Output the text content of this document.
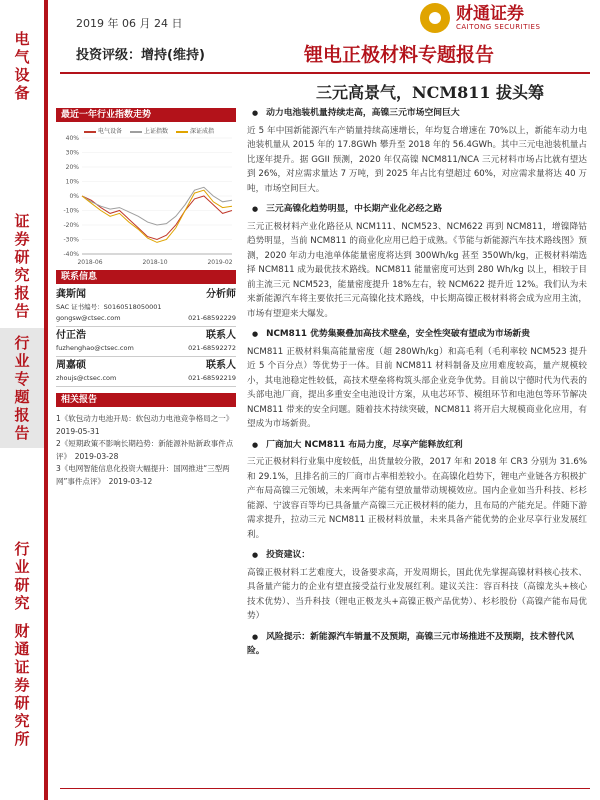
电
气
设
备
证
券
研
究
报
告
行
业
专
题
报
告
行
业
研
究
财
通
证
券
研
究
所
2019 年 06 月 24 日	财通证券
CAITONG SECURITIES
投资评级：增持(维持)	锂电正极材料专题报告
三元高景气，NCM811 拔头筹
最近一年行业指数走势
电气设备	上证指数	深证成指
40%
30%
20%
10%
0%
-10%
-20%
-30%
-40%
2018-06	2018-10	2019-02
联系信息
龚斯闻	分析师
SAC 证书编号：S0160518050001
gongsw@ctsec.com	021-68592229
付正浩	联系人
fuzhenghao@ctsec.com	021-68592272
周嘉硕	联系人
zhoujs@ctsec.com	021-68592219
相关报告

1《软包动力电池开局：软包动力电池竞争格局之一》　2019-05-31

2《短期政策不影响长期趋势：新能源补贴新政事件点评》　2019-03-28

3《电网智能信息化投资大幅提升：国网推进“三型两网”事件点评》　2019-03-12

● 动力电池装机量持续走高，高镍三元市场空间巨大
近 5 年中国新能源汽车产销量持续高速增长，年均复合增速在 70%以上，新能车动力电池装机量从 2015 年的 17.8GWh 攀升至 2018 年的 56.4GWh。其中三元电池装机量占比逐年提升。据 GGII 预测，2020 年仅高镍 NCM811/NCA 三元材料市场占比就有望达到 26%，对应需求量达 7 万吨，到 2025 年占比有望超过 60%，对应需求量将达 40 万吨，市场空间巨大。
● 三元高镍化趋势明显，中长期产业化必经之路
三元正极材料产业化路径从 NCM111、NCM523、NCM622 再到 NCM811，增镍降钴趋势明显，当前 NCM811 的商业化应用已趋于成熟。《节能与新能源汽车技术路线图》预测，2020 年动力电池单体能量密度将达到 300Wh/kg 甚至 350Wh/kg，正极材料端选择 NCM811 成为最优技术路线。NCM811 能量密度可达到 280 Wh/kg 以上，相较于目前主流三元 NCM523，能量密度提升 18%左右，较 NCM622 提升近 12%。我们认为未来新能源汽车将主要依托三元高镍化技术路线，中长期高镍正极材料将会成为应用主流，市场有望迎来大爆发。
● NCM811 优势集聚叠加高技术壁垒，安全性突破有望成为市场新贵
NCM811 正极材料集高能量密度（超 280Wh/kg）和高毛利（毛利率较 NCM523 提升近 5 个百分点）等优势于一体。目前 NCM811 材料制备及应用难度较高，量产规模较小，其电池稳定性较低，高技术壁垒将构筑头部企业竞争优势。目前以宁德时代为代表的头部电池厂商，提出多重安全电池设计方案，从电芯环节、模组环节和电池包等环节解决 NCM811 带来的安全问题。随着技术持续突破，NCM811 将开启大规模商业化应用，有望成为市场新贵。
● 厂商加大 NCM811 布局力度，尽享产能释放红利
三元正极材料行业集中度较低，出货量较分散，2017 年和 2018 年 CR3 分别为 31.6%和 29.1%，且排名前三的厂商市占率相差较小。在高镍化趋势下，锂电产业链各方积极扩产布局高镍三元领域，未来两年产能有望放量带动规模效应。国内企业如当升科技、杉杉能源、宁波容百等均已具备量产高镍三元正极材料的能力，且布局的产能充足。伴随下游需求提升，拉动三元 NCM811 正极材料放量，未来具备产能优势的企业尽享行业发展红利。
● 投资建议：
高镍正极材料工艺难度大，设备要求高，开发周期长，国此优先掌握高镍材料核心技术、具备量产能力的企业有望直接受益行业发展红利。建议关注：容百科技（高镍龙头+核心技术优势）、当升科技（锂电正极龙头+高镍正极产品优势）、杉杉股份（高镍产能布局优势）
● 风险提示：新能源汽车销量不及预期，高镍三元市场推进不及预期，技术替代风险。
